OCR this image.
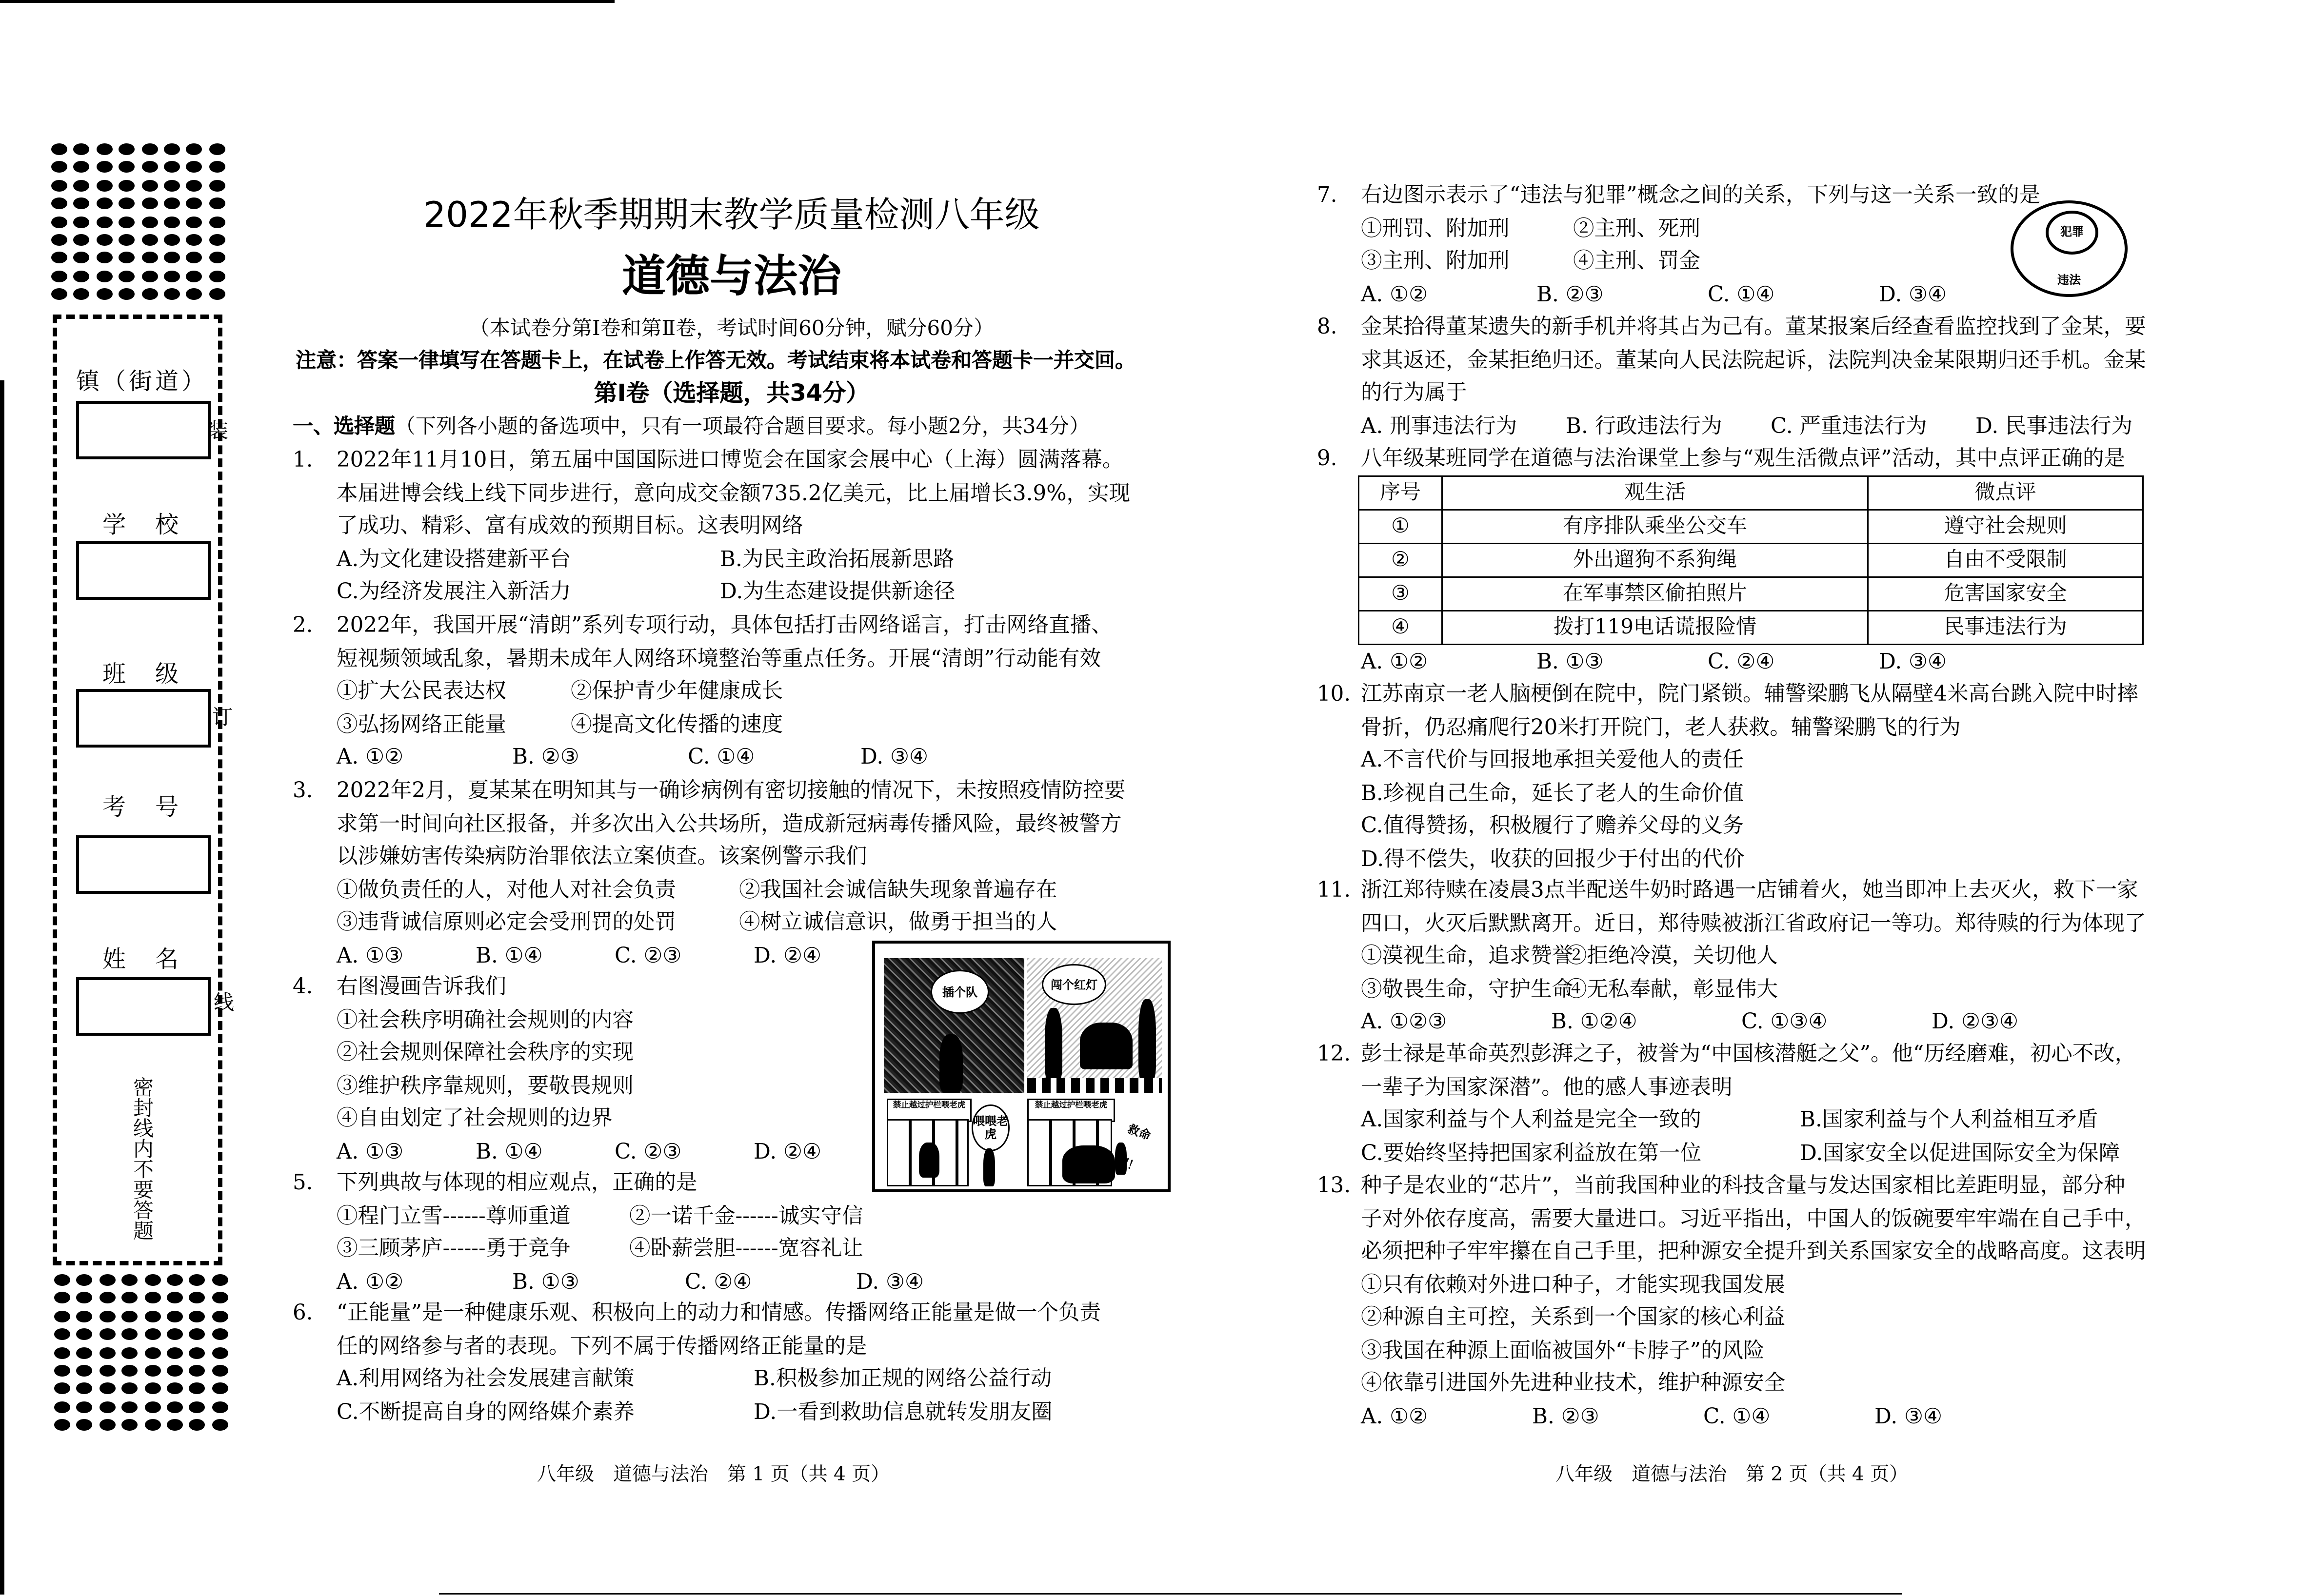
镇（街道）
学　校
班　级
考　号
姓　名
密封线内不要答题
装
订
线
2022年秋季期期末教学质量检测八年级
道德与法治
（本试卷分第Ⅰ卷和第Ⅱ卷，考试时间60分钟，赋分60分）
注意：答案一律填写在答题卡上，在试卷上作答无效。考试结束将本试卷和答题卡一并交回。
第Ⅰ卷（选择题，共34分）
一、选择题（下列各小题的备选项中，只有一项最符合题目要求。每小题2分，共34分）
1.	2022年11月10日，第五届中国国际进口博览会在国家会展中心（上海）圆满落幕。
本届进博会线上线下同步进行，意向成交金额735.2亿美元，比上届增长3.9%，实现
了成功、精彩、富有成效的预期目标。这表明网络
A.为文化建设搭建新平台	B.为民主政治拓展新思路
C.为经济发展注入新活力	D.为生态建设提供新途径
2.	2022年，我国开展“清朗”系列专项行动，具体包括打击网络谣言，打击网络直播、
短视频领域乱象，暑期未成年人网络环境整治等重点任务。开展“清朗”行动能有效
①扩大公民表达权	②保护青少年健康成长
③弘扬网络正能量	④提高文化传播的速度
A. ①②	B. ②③	C. ①④	D. ③④
3.	2022年2月，夏某某在明知其与一确诊病例有密切接触的情况下，未按照疫情防控要
求第一时间向社区报备，并多次出入公共场所，造成新冠病毒传播风险，最终被警方
以涉嫌妨害传染病防治罪依法立案侦查。该案例警示我们
①做负责任的人，对他人对社会负责	②我国社会诚信缺失现象普遍存在
③违背诚信原则必定会受刑罚的处罚	④树立诚信意识，做勇于担当的人
A. ①③	B. ①④	C. ②③	D. ②④
4.	右图漫画告诉我们
①社会秩序明确社会规则的内容
②社会规则保障社会秩序的实现
③维护秩序靠规则，要敬畏规则
④自由划定了社会规则的边界
A. ①③	B. ①④	C. ②③	D. ②④
插个队
闯个红灯
禁止越过护栏喂老虎
喂喂老虎
禁止越过护栏喂老虎
救命啊！
5.	下列典故与体现的相应观点，正确的是
①程门立雪------尊师重道	②一诺千金------诚实守信
③三顾茅庐------勇于竞争	④卧薪尝胆------宽容礼让
A. ①②	B. ①③	C. ②④	D. ③④
6.	“正能量”是一种健康乐观、积极向上的动力和情感。传播网络正能量是做一个负责
任的网络参与者的表现。下列不属于传播网络正能量的是
A.利用网络为社会发展建言献策	B.积极参加正规的网络公益行动
C.不断提高自身的网络媒介素养	D.一看到救助信息就转发朋友圈
八年级　道德与法治　第 1 页（共 4 页）
7.	右边图示表示了“违法与犯罪”概念之间的关系，下列与这一关系一致的是
①刑罚、附加刑	②主刑、死刑
③主刑、附加刑	④主刑、罚金
A. ①②	B. ②③	C. ①④	D. ③④
犯罪
违法
8.	金某拾得董某遗失的新手机并将其占为己有。董某报案后经查看监控找到了金某，要
求其返还，金某拒绝归还。董某向人民法院起诉，法院判决金某限期归还手机。金某
的行为属于
A. 刑事违法行为	B. 行政违法行为	C. 严重违法行为	D. 民事违法行为
9.	八年级某班同学在道德与法治课堂上参与“观生活微点评”活动，其中点评正确的是
序号	观生活	微点评
①	有序排队乘坐公交车	遵守社会规则
②	外出遛狗不系狗绳	自由不受限制
③	在军事禁区偷拍照片	危害国家安全
④	拨打119电话谎报险情	民事违法行为
A. ①②	B. ①③	C. ②④	D. ③④
10. 江苏南京一老人脑梗倒在院中，院门紧锁。辅警梁鹏飞从隔壁4米高台跳入院中时摔
骨折，仍忍痛爬行20米打开院门，老人获救。辅警梁鹏飞的行为
A.不言代价与回报地承担关爱他人的责任
B.珍视自己生命，延长了老人的生命价值
C.值得赞扬，积极履行了赡养父母的义务
D.得不偿失，收获的回报少于付出的代价
11. 浙江郑待赎在凌晨3点半配送牛奶时路遇一店铺着火，她当即冲上去灭火，救下一家
四口，火灭后默默离开。近日，郑待赎被浙江省政府记一等功。郑待赎的行为体现了
①漠视生命，追求赞誉
②拒绝冷漠，关切他人
③敬畏生命，守护生命
④无私奉献，彰显伟大
A. ①②③	B. ①②④	C. ①③④	D. ②③④
12. 彭士禄是革命英烈彭湃之子，被誉为“中国核潜艇之父”。他“历经磨难，初心不改，
一辈子为国家深潜”。他的感人事迹表明
A.国家利益与个人利益是完全一致的	B.国家利益与个人利益相互矛盾
C.要始终坚持把国家利益放在第一位	D.国家安全以促进国际安全为保障
13. 种子是农业的“芯片”，当前我国种业的科技含量与发达国家相比差距明显，部分种
子对外依存度高，需要大量进口。习近平指出，中国人的饭碗要牢牢端在自己手中，
必须把种子牢牢攥在自己手里，把种源安全提升到关系国家安全的战略高度。这表明
①只有依赖对外进口种子，才能实现我国发展
②种源自主可控，关系到一个国家的核心利益
③我国在种源上面临被国外“卡脖子”的风险
④依靠引进国外先进种业技术，维护种源安全
A. ①②	B. ②③	C. ①④	D. ③④
八年级　道德与法治　第 2 页（共 4 页）
